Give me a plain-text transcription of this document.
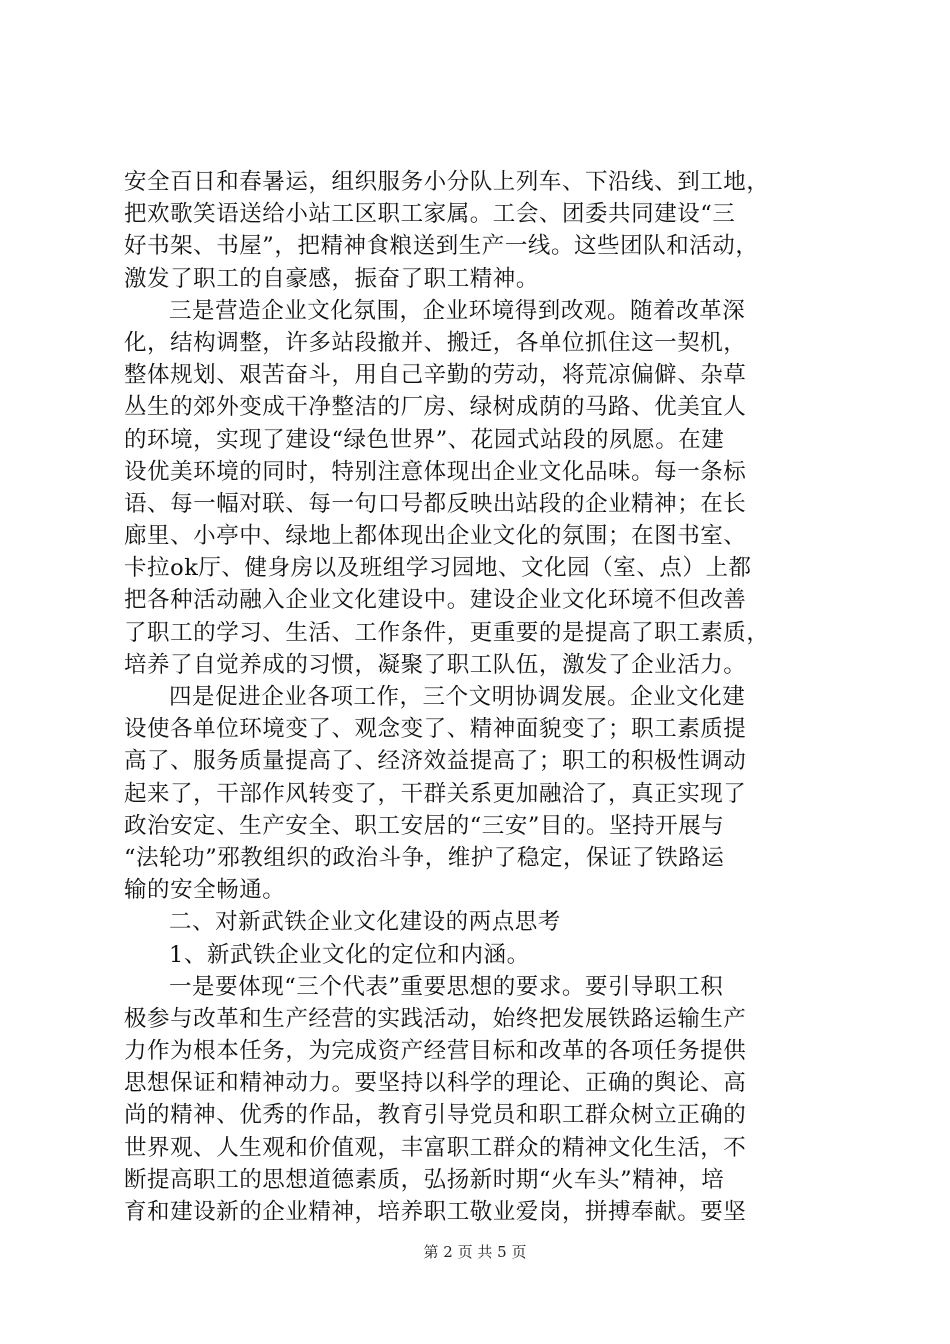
安全百日和春暑运，组织服务小分队上列车、下沿线、到工地，
把欢歌笑语送给小站工区职工家属。工会、团委共同建设“三
好书架、书屋”，把精神食粮送到生产一线。这些团队和活动，
激发了职工的自豪感，振奋了职工精神。
三是营造企业文化氛围，企业环境得到改观。随着改革深
化，结构调整，许多站段撤并、搬迁，各单位抓住这一契机，
整体规划、艰苦奋斗，用自己辛勤的劳动，将荒凉偏僻、杂草
丛生的郊外变成干净整洁的厂房、绿树成荫的马路、优美宜人
的环境，实现了建设“绿色世界”、花园式站段的夙愿。在建
设优美环境的同时，特别注意体现出企业文化品味。每一条标
语、每一幅对联、每一句口号都反映出站段的企业精神；在长
廊里、小亭中、绿地上都体现出企业文化的氛围；在图书室、
卡拉ok厅、健身房以及班组学习园地、文化园（室、点）上都
把各种活动融入企业文化建设中。建设企业文化环境不但改善
了职工的学习、生活、工作条件，更重要的是提高了职工素质，
培养了自觉养成的习惯，凝聚了职工队伍，激发了企业活力。
四是促进企业各项工作，三个文明协调发展。企业文化建
设使各单位环境变了、观念变了、精神面貌变了；职工素质提
高了、服务质量提高了、经济效益提高了；职工的积极性调动
起来了，干部作风转变了，干群关系更加融洽了，真正实现了
政治安定、生产安全、职工安居的“三安”目的。坚持开展与
“法轮功”邪教组织的政治斗争，维护了稳定，保证了铁路运
输的安全畅通。
二、对新武铁企业文化建设的两点思考
1、新武铁企业文化的定位和内涵。
一是要体现“三个代表”重要思想的要求。要引导职工积
极参与改革和生产经营的实践活动，始终把发展铁路运输生产
力作为根本任务，为完成资产经营目标和改革的各项任务提供
思想保证和精神动力。要坚持以科学的理论、正确的舆论、高
尚的精神、优秀的作品，教育引导党员和职工群众树立正确的
世界观、人生观和价值观，丰富职工群众的精神文化生活，不
断提高职工的思想道德素质，弘扬新时期“火车头”精神，培
育和建设新的企业精神，培养职工敬业爱岗，拼搏奉献。要坚
第 2 页 共 5 页
